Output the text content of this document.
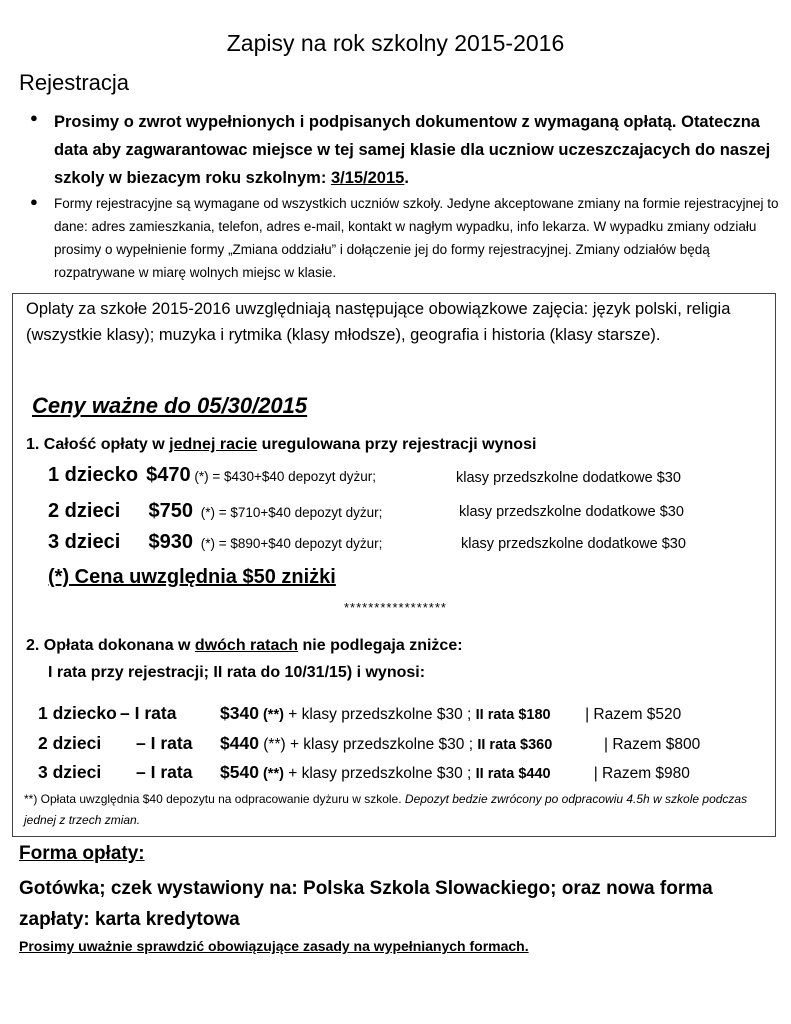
Zapisy na rok szkolny 2015-2016
Rejestracja
● Prosimy o zwrot wypełnionych i podpisanych dokumentow z wymaganą opłatą. Otateczna data aby zagwarantowac miejsce w tej samej klasie dla uczniow uczeszczajacych do naszej szkoly w biezacym roku szkolnym: 3/15/2015.
● Formy rejestracyjne są wymagane od wszystkich uczniów szkoły. Jedyne akceptowane zmiany na formie rejestracyjnej to dane: adres zamieszkania, telefon, adres e-mail, kontakt w nagłym wypadku, info lekarza. W wypadku zmiany odziału prosimy o wypełnienie formy „Zmiana oddziału” i dołączenie jej do formy rejestracyjnej. Zmiany odziałów będą rozpatrywane w miarę wolnych miejsc w klasie.
Oplaty za szkołe 2015-2016 uwzględniają następujące obowiązkowe zajęcia: język polski, religia (wszystkie klasy); muzyka i rytmika (klasy młodsze), geografia i historia (klasy starsze).
Ceny ważne do 05/30/2015
1. Całość opłaty w jednej racie uregulowana przy rejestracji wynosi
1 dziecko $470 (*) = $430+$40 depozyt dyżur;	klasy przedszkolne dodatkowe $30
2 dzieci $750  (*) = $710+$40 depozyt dyżur;	klasy przedszkolne dodatkowe $30
3 dzieci $930  (*) = $890+$40 depozyt dyżur;	klasy przedszkolne dodatkowe $30
(*) Cena uwzględnia $50 zniżki
*****************
2. Opłata dokonana w dwóch ratach nie podlegaja zniżce:
I rata przy rejestracji; II rata do 10/31/15) i wynosi:
1 dziecko – I rata $340 (**) + klasy przedszkolne $30 ; II rata $180 | Razem $520
2 dzieci – I rata $440 (**) + klasy przedszkolne $30 ; II rata $360	| Razem $800
3 dzieci – I rata $540 (**) + klasy przedszkolne $30 ; II rata $440	| Razem $980
**) Opłata uwzględnia $40 depozytu na odpracowanie dyżuru w szkole. Depozyt bedzie zwrócony po odpracowiu 4.5h w szkole podczas jednej z trzech zmian.
Forma opłaty:
Gotówka; czek wystawiony na: Polska Szkola Slowackiego; oraz nowa forma zapłaty: karta kredytowa
Prosimy uważnie sprawdzić obowiązujące zasady na wypełnianych formach.
